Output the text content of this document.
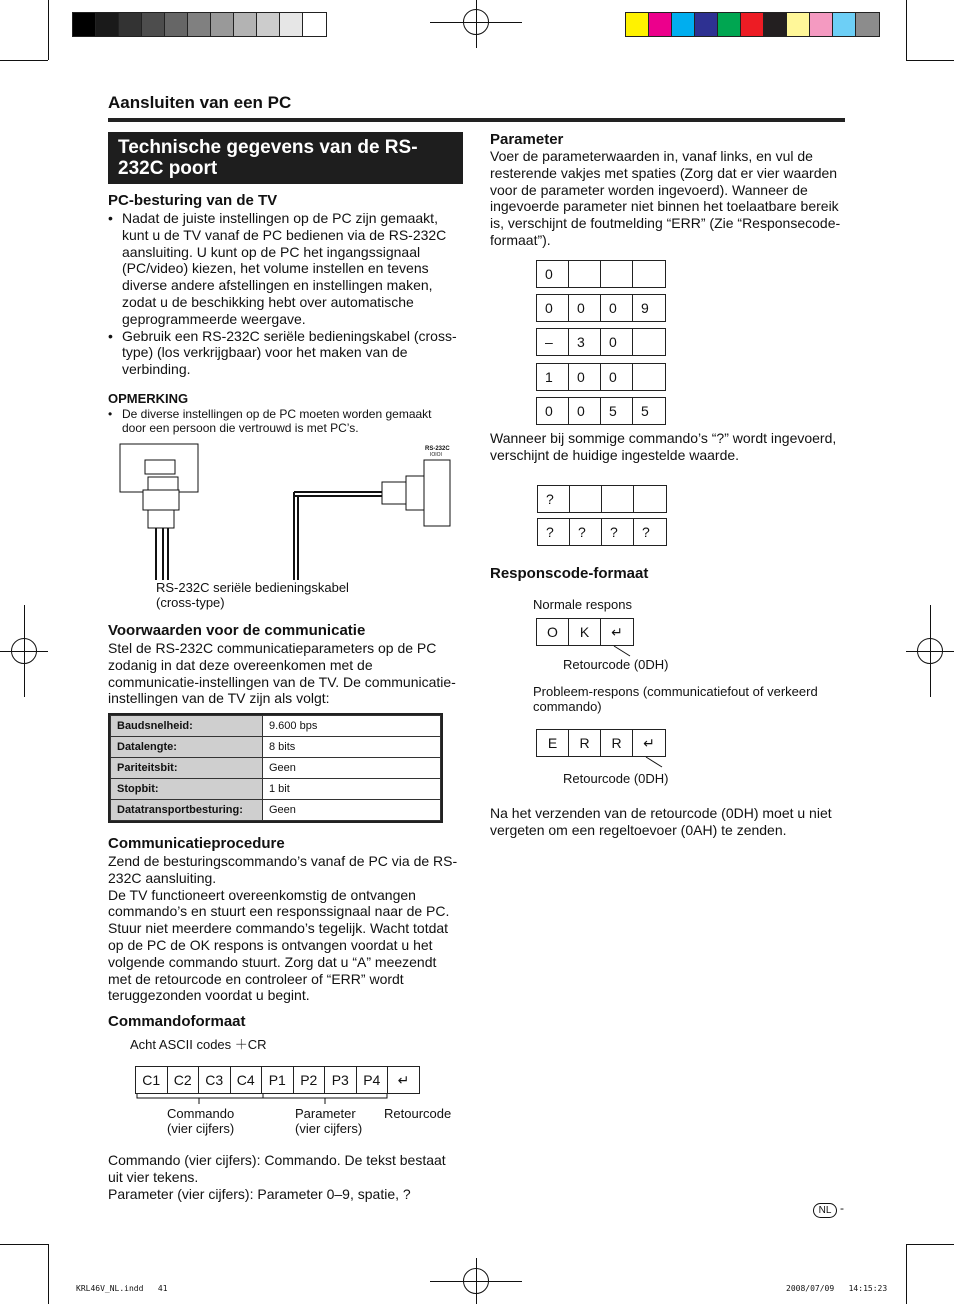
Aansluiten van een PC
Technische gegevens van de RS-232C poort
PC-besturing van de TV
• Nadat de juiste instellingen op de PC zijn gemaakt, kunt u de TV vanaf de PC bedienen via de RS-232C aansluiting. U kunt op de PC het ingangssignaal (PC/video) kiezen, het volume instellen en tevens diverse andere afstellingen en instellingen maken, zodat u de beschikking hebt over automatische geprogrammeerde weergave.
• Gebruik een RS-232C seriële bedieningskabel (cross-type) (los verkrijgbaar) voor het maken van de verbinding.
OPMERKING
• De diverse instellingen op de PC moeten worden gemaakt door een persoon die vertrouwd is met PC’s.
RS-232C
IOIOI
RS-232C seriële bedieningskabel
(cross-type)
Voorwaarden voor de communicatie
Stel de RS-232C communicatieparameters op de PC zodanig in dat deze overeenkomen met de communicatie-instellingen van de TV. De communicatie-instellingen van de TV zijn als volgt:
Baudsnelheid:	9.600 bps
Datalengte:	8 bits
Pariteitsbit:	Geen
Stopbit:	1 bit
Datatransportbesturing:	Geen
Communicatieprocedure
Zend de besturingscommando’s vanaf de PC via de RS-232C aansluiting.
De TV functioneert overeenkomstig de ontvangen commando’s en stuurt een responssignaal naar de PC. Stuur niet meerdere commando’s tegelijk. Wacht totdat op de PC de OK respons is ontvangen voordat u het volgende commando stuurt. Zorg dat u “A” meezendt met de retourcode en controleer of “ERR” wordt teruggezonden voordat u begint.
Commandoformaat
Acht ASCII codes ＋CR
C1 C2 C3 C4 P1	P2	P3	P4	↵
Commando
(vier cijfers)
Parameter
(vier cijfers)
Retourcode
Commando (vier cijfers): Commando. De tekst bestaat uit vier tekens.
Parameter (vier cijfers): Parameter 0–9, spatie, ?
Parameter
Voer de parameterwaarden in, vanaf links, en vul de resterende vakjes met spaties (Zorg dat er vier waarden voor de parameter worden ingevoerd). Wanneer de ingevoerde parameter niet binnen het toelaatbare bereik is, verschijnt de foutmelding “ERR” (Zie “Responsecode-formaat”).
0
0	0	0	9
–	3	0
1	0	0
0	0	5	5
Wanneer bij sommige commando’s “?” wordt ingevoerd, verschijnt de huidige ingestelde waarde.
?
?	?	?	?
Responscode-formaat
Normale respons
O	K	↵
Retourcode (0DH)
Probleem-respons (communicatiefout of verkeerd commando)
E	R	R	↵
Retourcode (0DH)
Na het verzenden van de retourcode (0DH) moet u niet vergeten om een regeltoevoer (0AH) te zenden.
NL -
KRL46V_NL.indd   41	2008/07/09   14:15:23
